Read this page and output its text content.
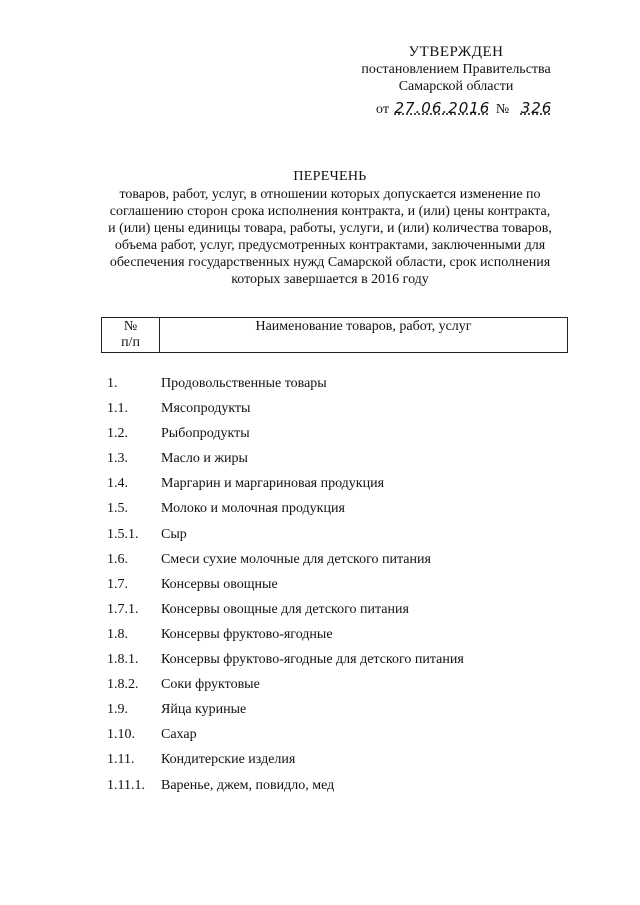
УТВЕРЖДЕН
постановлением Правительства
Самарской области
от 27.06.2016 № 326
ПЕРЕЧЕНЬ
товаров, работ, услуг, в отношении которых допускается изменение по
соглашению сторон срока исполнения контракта, и (или) цены контракта,
и (или) цены единицы товара, работы, услуги, и (или) количества товаров,
объема работ, услуг, предусмотренных контрактами, заключенными для
обеспечения государственных нужд Самарской области, срок исполнения
которых завершается в 2016 году
№
п/п
Наименование товаров, работ, услуг
1.	Продовольственные товары
1.1.	Мясопродукты
1.2.	Рыбопродукты
1.3.	Масло и жиры
1.4.	Маргарин и маргариновая продукция
1.5.	Молоко и молочная продукция
1.5.1.	Сыр
1.6.	Смеси сухие молочные для детского питания
1.7.	Консервы овощные
1.7.1.	Консервы овощные для детского питания
1.8.	Консервы фруктово-ягодные
1.8.1.	Консервы фруктово-ягодные для детского питания
1.8.2.	Соки фруктовые
1.9.	Яйца куриные
1.10.	Сахар
1.11.	Кондитерские изделия
1.11.1.	Варенье, джем, повидло, мед
